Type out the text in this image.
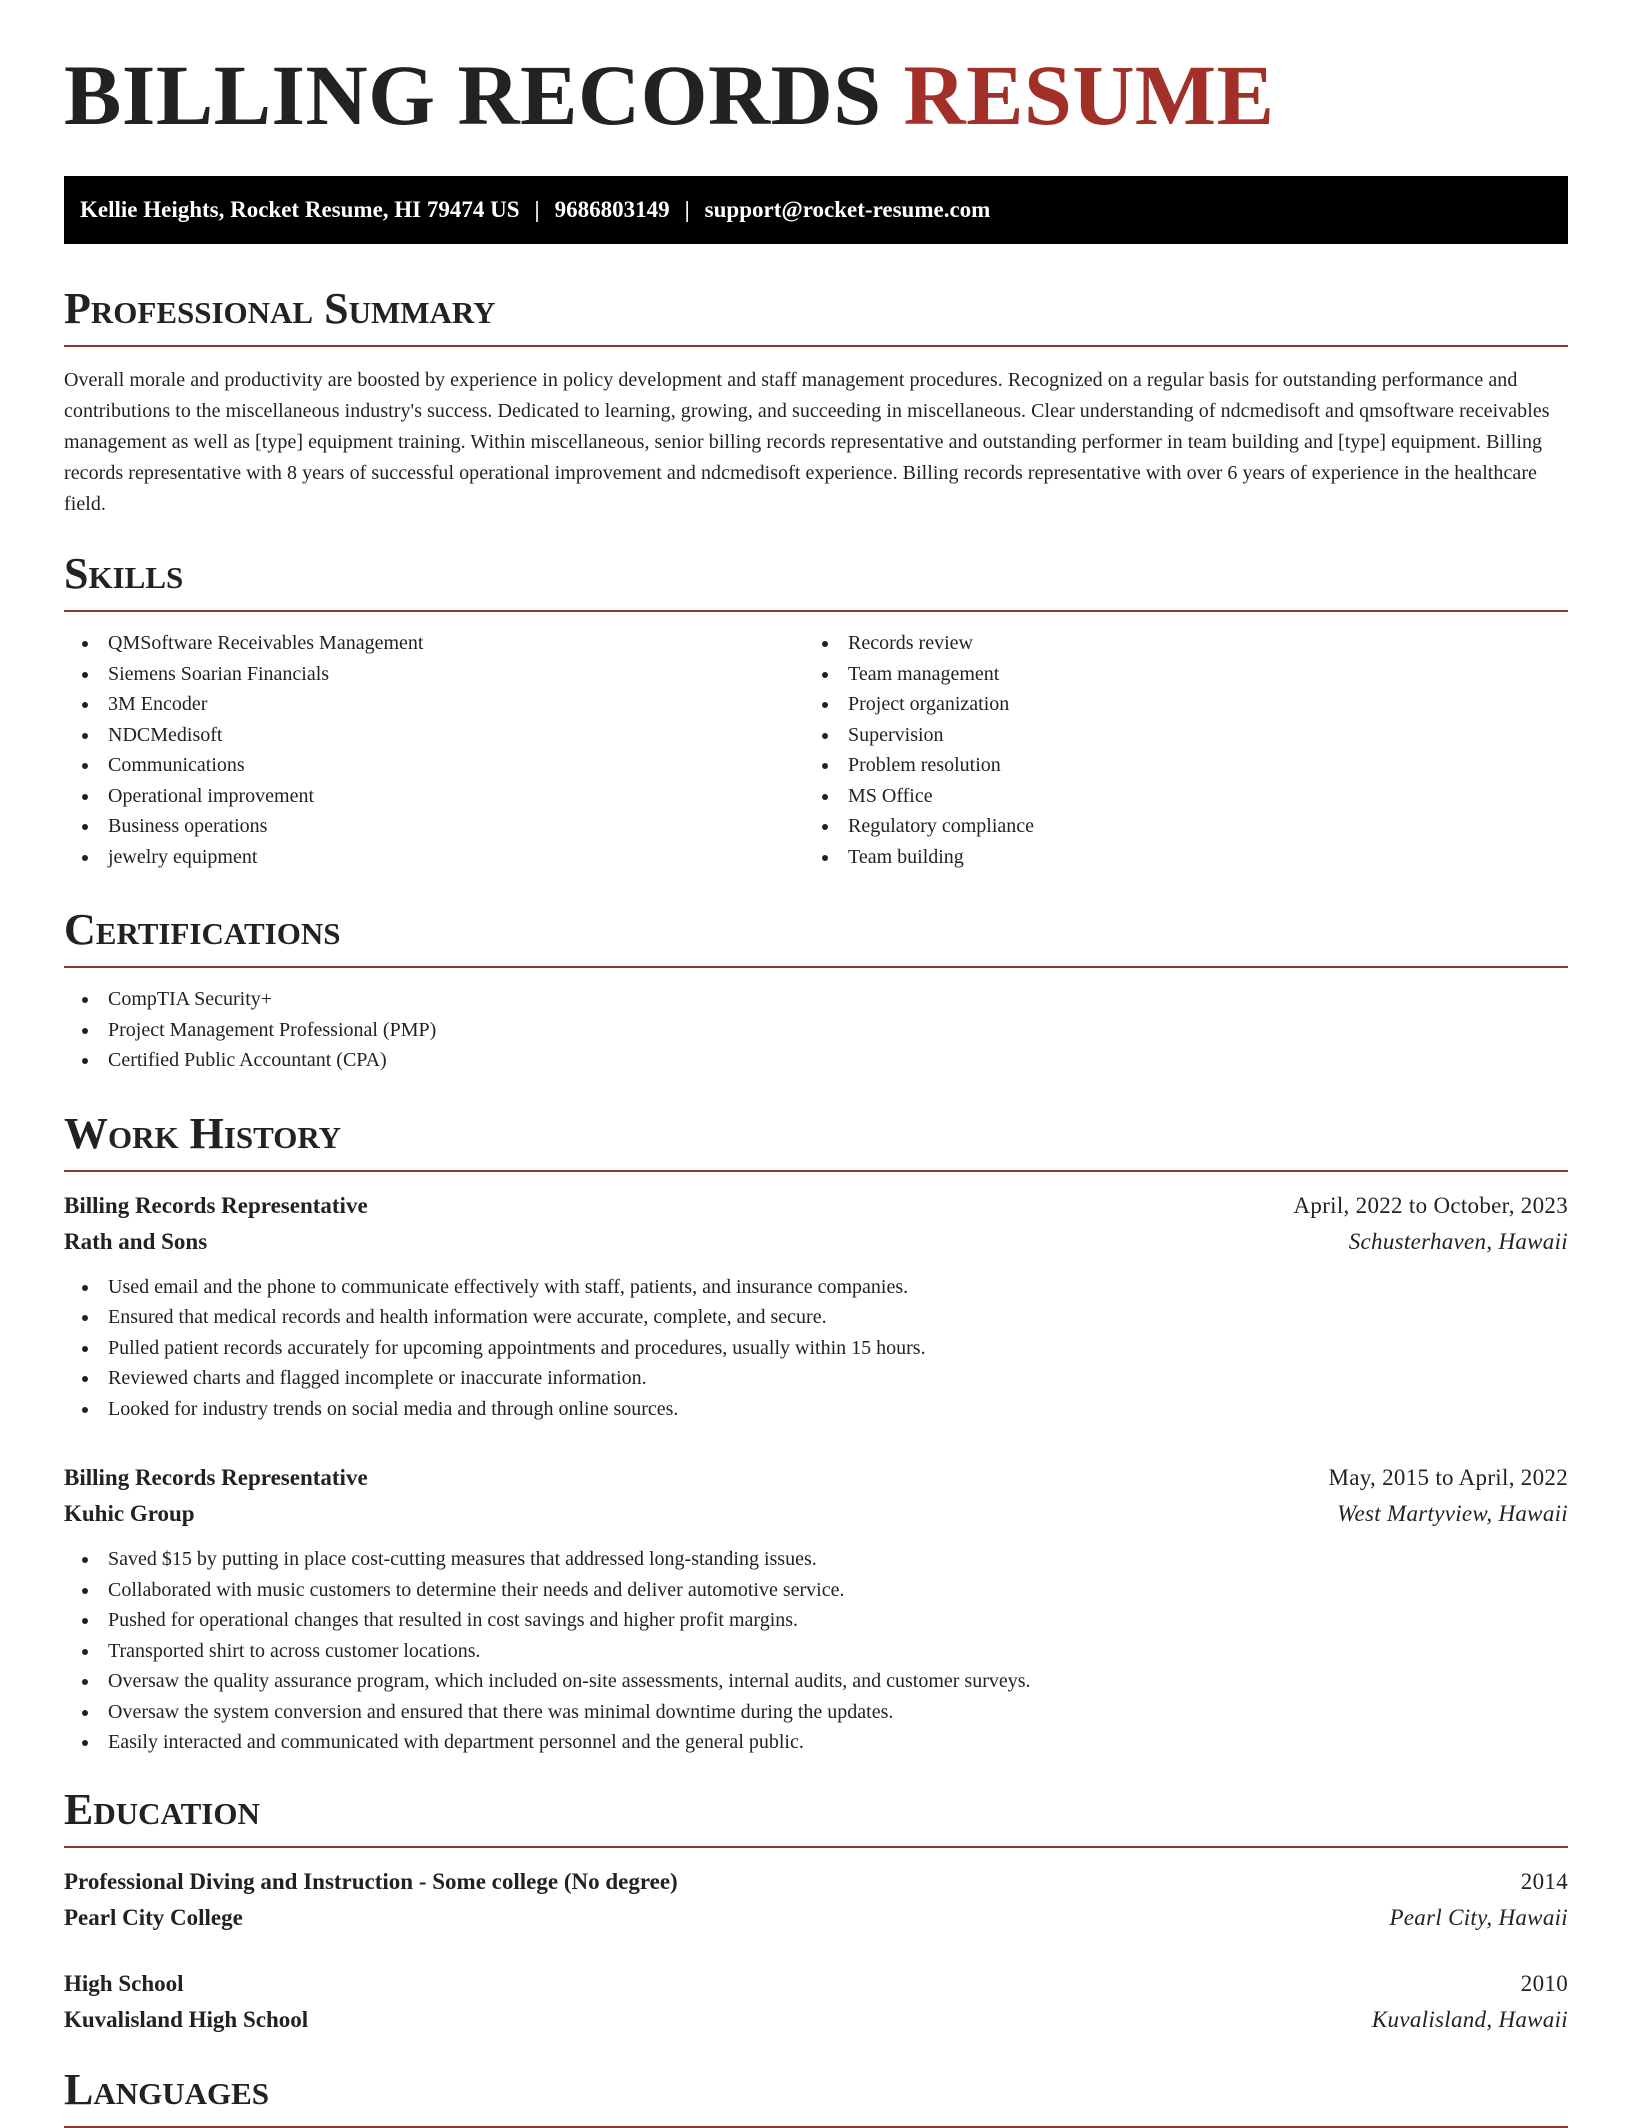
BILLING RECORDS RESUME
Kellie Heights, Rocket Resume, HI 79474 US | 9686803149 | support@rocket-resume.com
Professional Summary

Overall morale and productivity are boosted by experience in policy development and staff management procedures. Recognized on a regular basis for outstanding performance and contributions to the miscellaneous industry's success. Dedicated to learning, growing, and succeeding in miscellaneous. Clear understanding of ndcmedisoft and qmsoftware receivables management as well as [type] equipment training. Within miscellaneous, senior billing records representative and outstanding performer in team building and [type] equipment. Billing records representative with 8 years of successful operational improvement and ndcmedisoft experience. Billing records representative with over 6 years of experience in the healthcare field.

Skills
QMSoftware Receivables Management
Siemens Soarian Financials
3M Encoder
NDCMedisoft
Communications
Operational improvement
Business operations
jewelry equipment
Records review
Team management
Project organization
Supervision
Problem resolution
MS Office
Regulatory compliance
Team building
Certifications
CompTIA Security+
Project Management Professional (PMP)
Certified Public Accountant (CPA)
Work History
Billing Records Representative	April, 2022 to October, 2023
Rath and Sons	Schusterhaven, Hawaii
Used email and the phone to communicate effectively with staff, patients, and insurance companies.
Ensured that medical records and health information were accurate, complete, and secure.
Pulled patient records accurately for upcoming appointments and procedures, usually within 15 hours.
Reviewed charts and flagged incomplete or inaccurate information.
Looked for industry trends on social media and through online sources.
Billing Records Representative	May, 2015 to April, 2022
Kuhic Group	West Martyview, Hawaii
Saved $15 by putting in place cost-cutting measures that addressed long-standing issues.
Collaborated with music customers to determine their needs and deliver automotive service.
Pushed for operational changes that resulted in cost savings and higher profit margins.
Transported shirt to across customer locations.
Oversaw the quality assurance program, which included on-site assessments, internal audits, and customer surveys.
Oversaw the system conversion and ensured that there was minimal downtime during the updates.
Easily interacted and communicated with department personnel and the general public.
Education
Professional Diving and Instruction - Some college (No degree)	2014
Pearl City College	Pearl City, Hawaii
High School	2010
Kuvalisland High School	Kuvalisland, Hawaii
Languages
